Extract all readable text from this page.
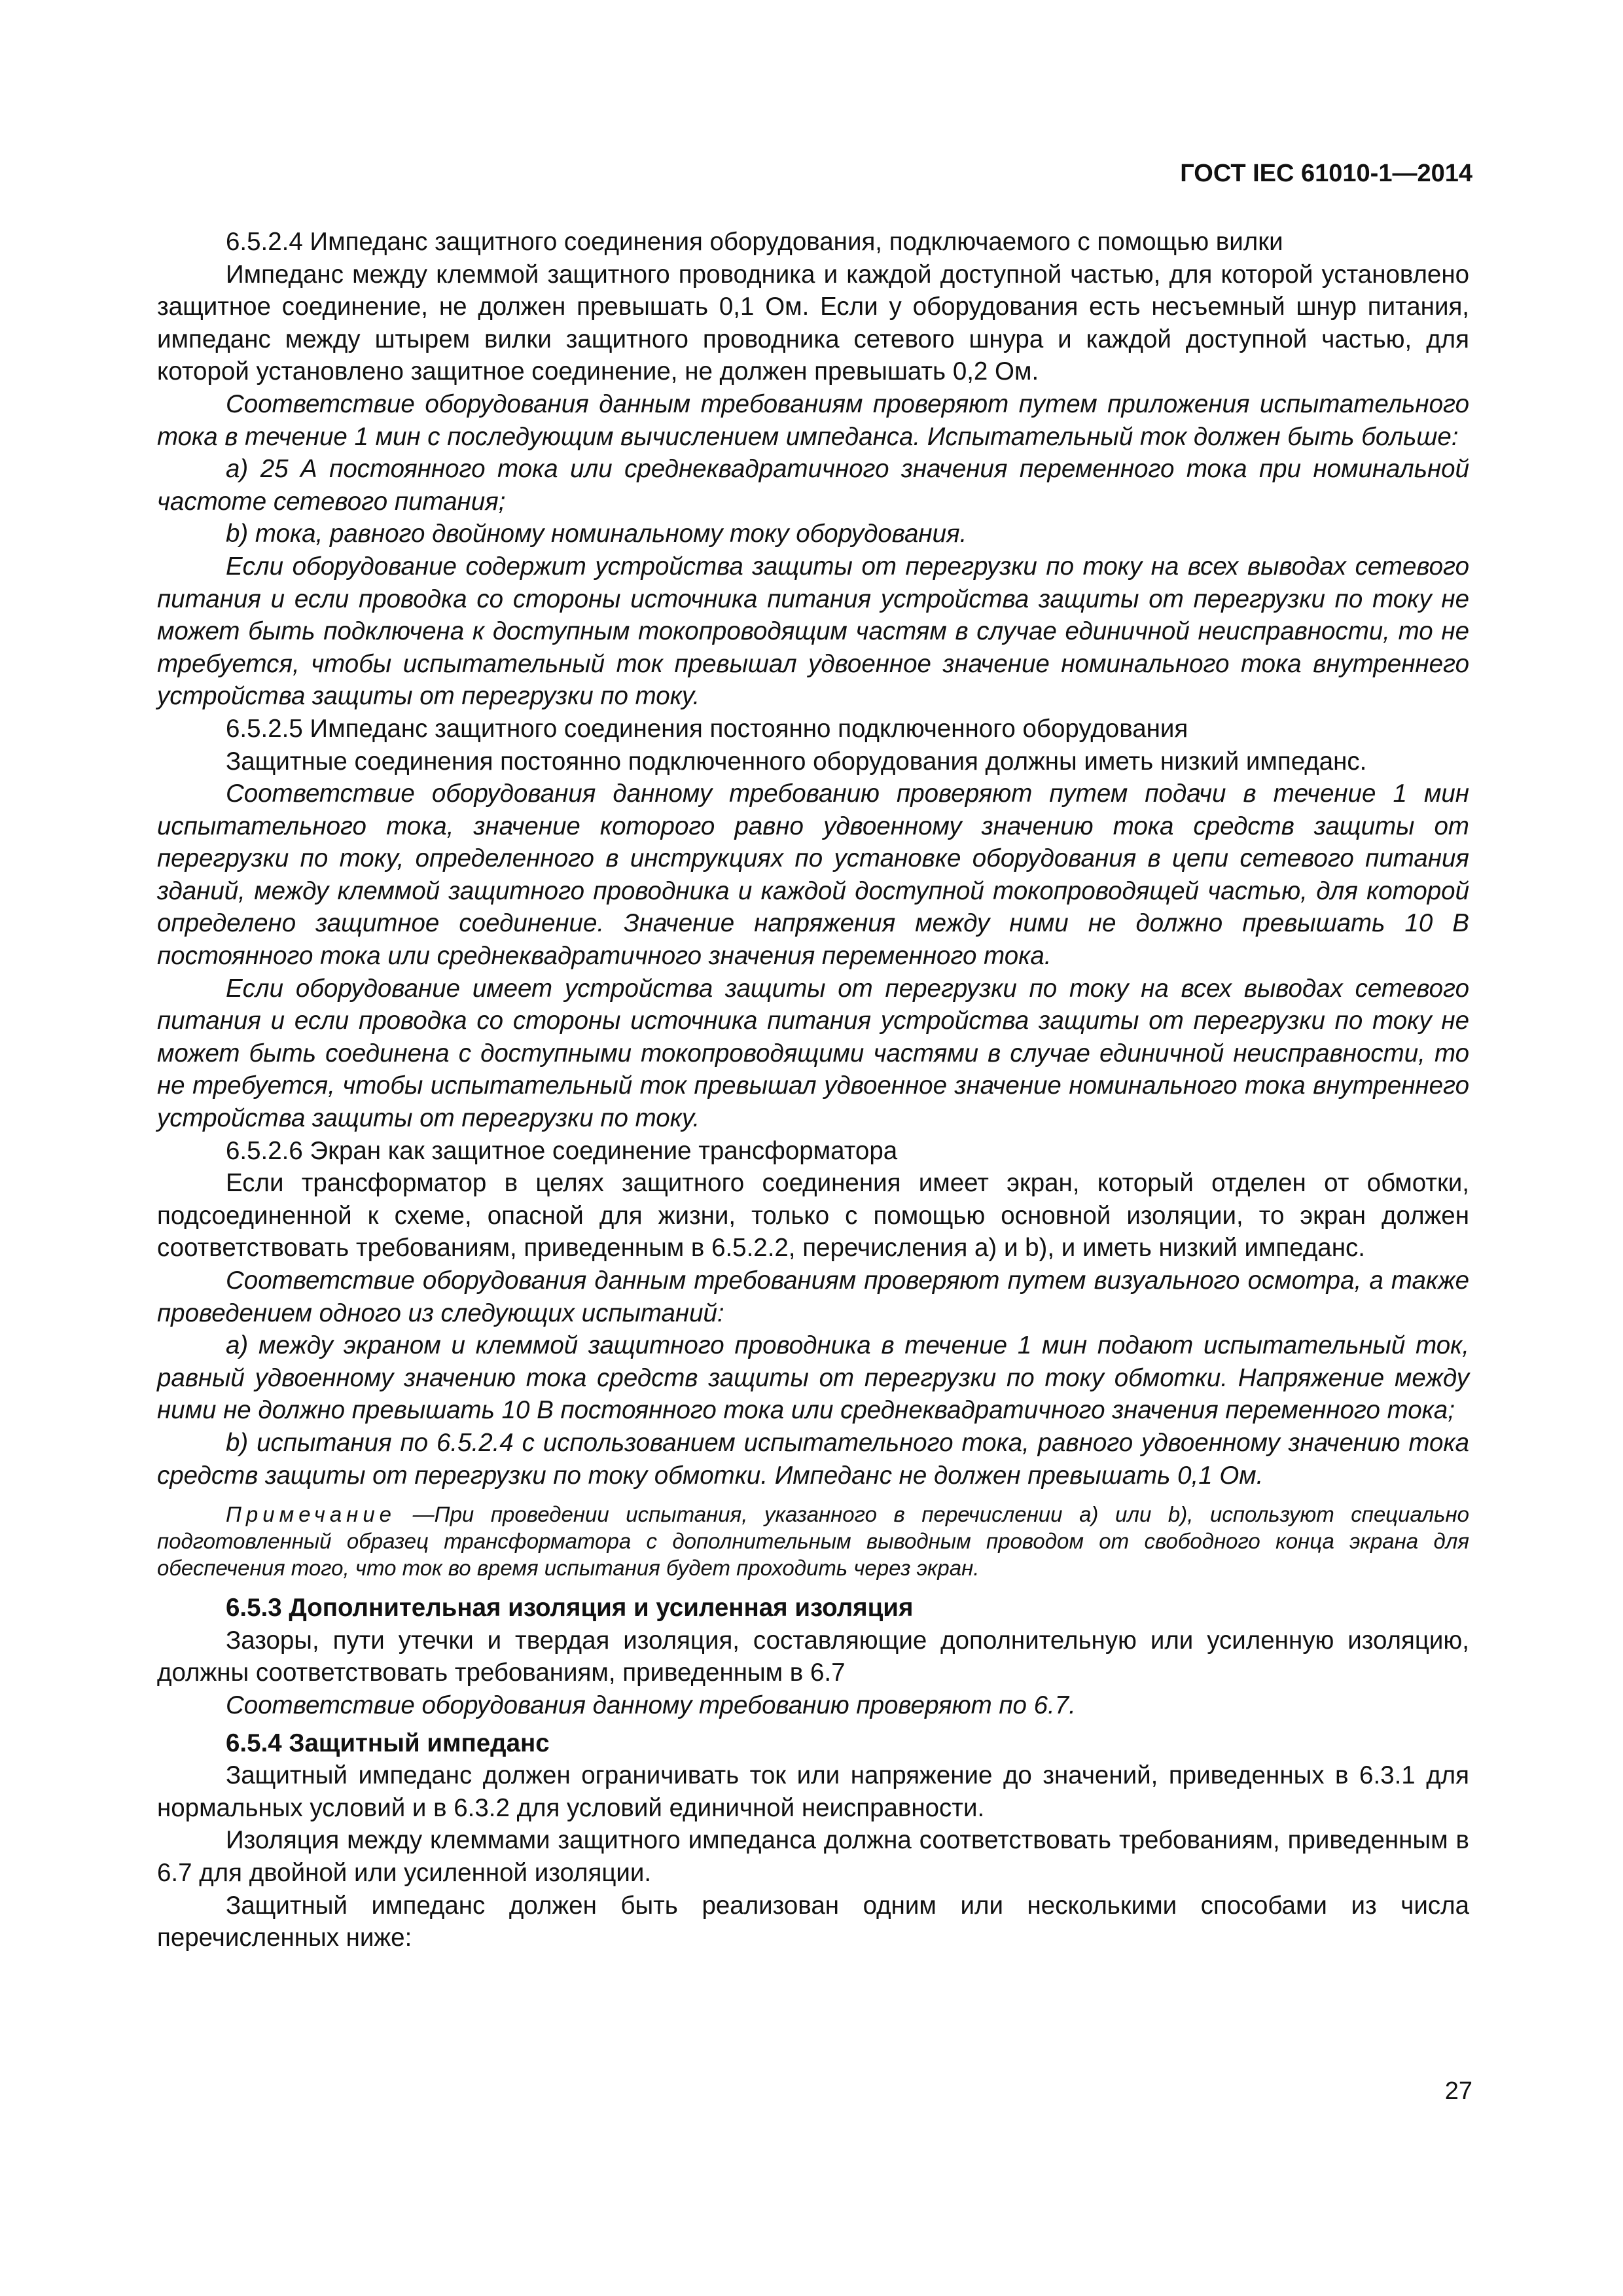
ГОСТ IEC 61010-1—2014

6.5.2.4 Импеданс защитного соединения оборудования, подключаемого с помощью вилки

Импеданс между клеммой защитного проводника и каждой доступной частью, для которой установлено защитное соединение, не должен превышать 0,1 Ом. Если у оборудования есть несъемный шнур питания, импеданс между штырем вилки защитного проводника сетевого шнура и каждой доступной частью, для которой установлено защитное соединение, не должен превышать 0,2 Ом.

Соответствие оборудования данным требованиям проверяют путем приложения испытательного тока в течение 1 мин с последующим вычислением импеданса. Испытательный ток должен быть больше:

a) 25 А постоянного тока или среднеквадратичного значения переменного тока при номинальной частоте сетевого питания;

b) тока, равного двойному номинальному току оборудования.

Если оборудование содержит устройства защиты от перегрузки по току на всех выводах сетевого питания и если проводка со стороны источника питания устройства защиты от перегрузки по току не может быть подключена к доступным токопроводящим частям в случае единичной неисправности, то не требуется, чтобы испытательный ток превышал удвоенное значение номинального тока внутреннего устройства защиты от перегрузки по току.

6.5.2.5 Импеданс защитного соединения постоянно подключенного оборудования

Защитные соединения постоянно подключенного оборудования должны иметь низкий импеданс.

Соответствие оборудования данному требованию проверяют путем подачи в течение 1 мин испытательного тока, значение которого равно удвоенному значению тока средств защиты от перегрузки по току, определенного в инструкциях по установке оборудования в цепи сетевого питания зданий, между клеммой защитного проводника и каждой доступной токопроводящей частью, для которой определено защитное соединение. Значение напряжения между ними не должно превышать 10 В постоянного тока или среднеквадратичного значения переменного тока.

Если оборудование имеет устройства защиты от перегрузки по току на всех выводах сетевого питания и если проводка со стороны источника питания устройства защиты от перегрузки по току не может быть соединена с доступными токопроводящими частями в случае единичной неисправности, то не требуется, чтобы испытательный ток превышал удвоенное значение номинального тока внутреннего устройства защиты от перегрузки по току.

6.5.2.6 Экран как защитное соединение трансформатора

Если трансформатор в целях защитного соединения имеет экран, который отделен от обмотки, подсоединенной к схеме, опасной для жизни, только с помощью основной изоляции, то экран должен соответствовать требованиям, приведенным в 6.5.2.2, перечисления a) и b), и иметь низкий импеданс.

Соответствие оборудования данным требованиям проверяют путем визуального осмотра, а также проведением одного из следующих испытаний:

a) между экраном и клеммой защитного проводника в течение 1 мин подают испытательный ток, равный удвоенному значению тока средств защиты от перегрузки по току обмотки. Напряжение между ними не должно превышать 10 В постоянного тока или среднеквадратичного значения переменного тока;

b) испытания по 6.5.2.4 с использованием испытательного тока, равного удвоенному значению тока средств защиты от перегрузки по току обмотки. Импеданс не должен превышать 0,1 Ом.

Примечание —При проведении испытания, указанного в перечислении a) или b), используют специально подготовленный образец трансформатора с дополнительным выводным проводом от свободного конца экрана для обеспечения того, что ток во время испытания будет проходить через экран.

6.5.3 Дополнительная изоляция и усиленная изоляция

Зазоры, пути утечки и твердая изоляция, составляющие дополнительную или усиленную изоляцию, должны соответствовать требованиям, приведенным в 6.7

Соответствие оборудования данному требованию проверяют по 6.7.

6.5.4 Защитный импеданс

Защитный импеданс должен ограничивать ток или напряжение до значений, приведенных в 6.3.1 для нормальных условий и в 6.3.2 для условий единичной неисправности.

Изоляция между клеммами защитного импеданса должна соответствовать требованиям, приведенным в 6.7 для двойной или усиленной изоляции.

Защитный импеданс должен быть реализован одним или несколькими способами из числа перечисленных ниже:

27
